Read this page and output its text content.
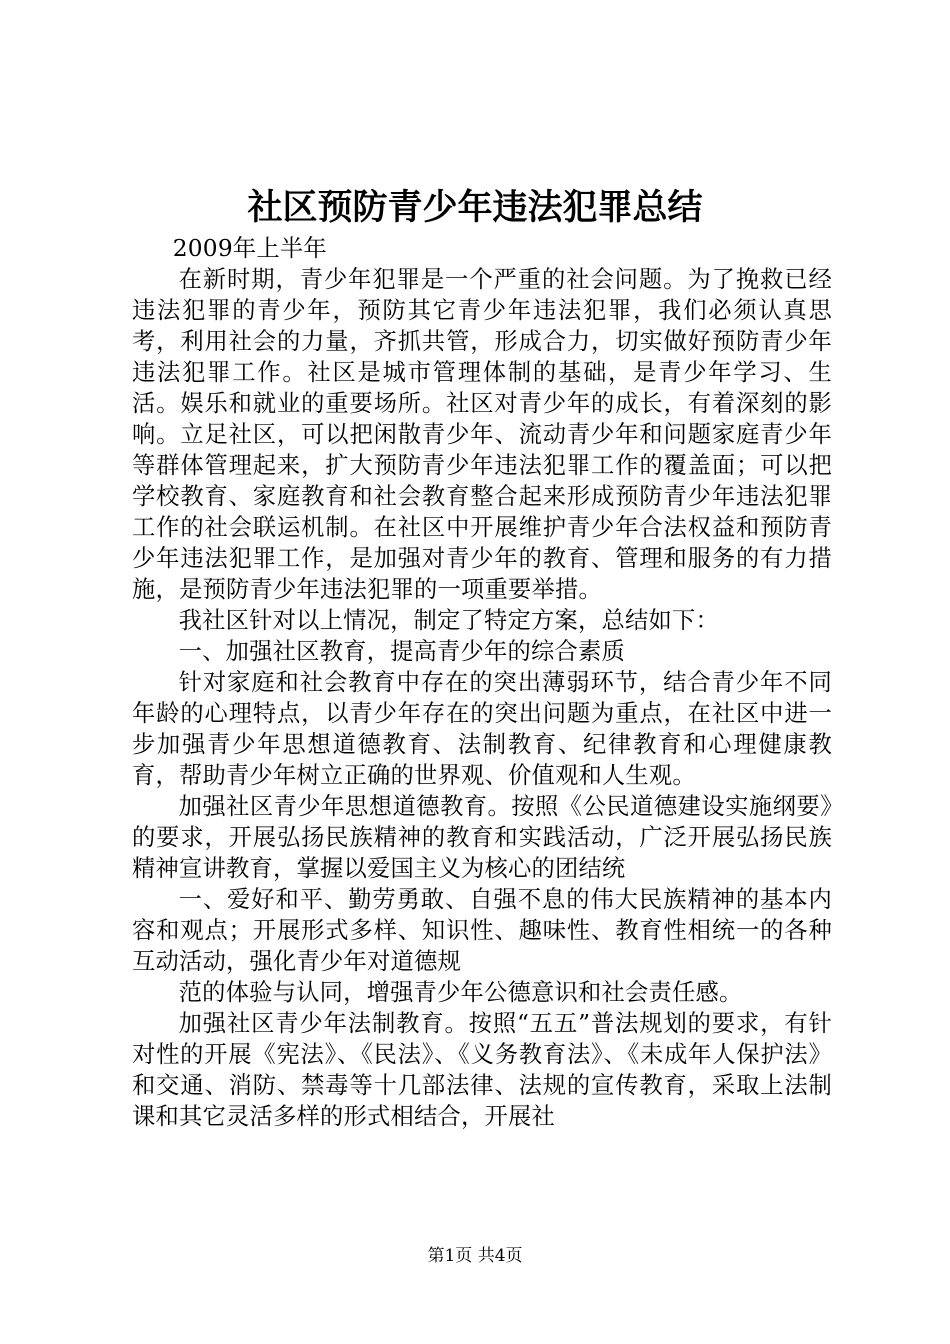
社区预防青少年违法犯罪总结

2009年上半年

在新时期，青少年犯罪是一个严重的社会问题。为了挽救已经违法犯罪的青少年，预防其它青少年违法犯罪，我们必须认真思考，利用社会的力量，齐抓共管，形成合力，切实做好预防青少年违法犯罪工作。社区是城市管理体制的基础，是青少年学习、生活。娱乐和就业的重要场所。社区对青少年的成长，有着深刻的影响。立足社区，可以把闲散青少年、流动青少年和问题家庭青少年等群体管理起来，扩大预防青少年违法犯罪工作的覆盖面；可以把学校教育、家庭教育和社会教育整合起来形成预防青少年违法犯罪工作的社会联运机制。在社区中开展维护青少年合法权益和预防青少年违法犯罪工作，是加强对青少年的教育、管理和服务的有力措施，是预防青少年违法犯罪的一项重要举措。

我社区针对以上情况，制定了特定方案，总结如下：

一、加强社区教育，提高青少年的综合素质

针对家庭和社会教育中存在的突出薄弱环节，结合青少年不同年龄的心理特点，以青少年存在的突出问题为重点，在社区中进一步加强青少年思想道德教育、法制教育、纪律教育和心理健康教育，帮助青少年树立正确的世界观、价值观和人生观。

加强社区青少年思想道德教育。按照《公民道德建设实施纲要》的要求，开展弘扬民族精神的教育和实践活动，广泛开展弘扬民族精神宣讲教育，掌握以爱国主义为核心的团结统

一、爱好和平、勤劳勇敢、自强不息的伟大民族精神的基本内容和观点；开展形式多样、知识性、趣味性、教育性相统一的各种互动活动，强化青少年对道德规

范的体验与认同，增强青少年公德意识和社会责任感。

加强社区青少年法制教育。按照“五五”普法规划的要求，有针对性的开展《宪法》、《民法》、《义务教育法》、《未成年人保护法》和交通、消防、禁毒等十几部法律、法规的宣传教育，采取上法制课和其它灵活多样的形式相结合，开展社

第1页 共4页
